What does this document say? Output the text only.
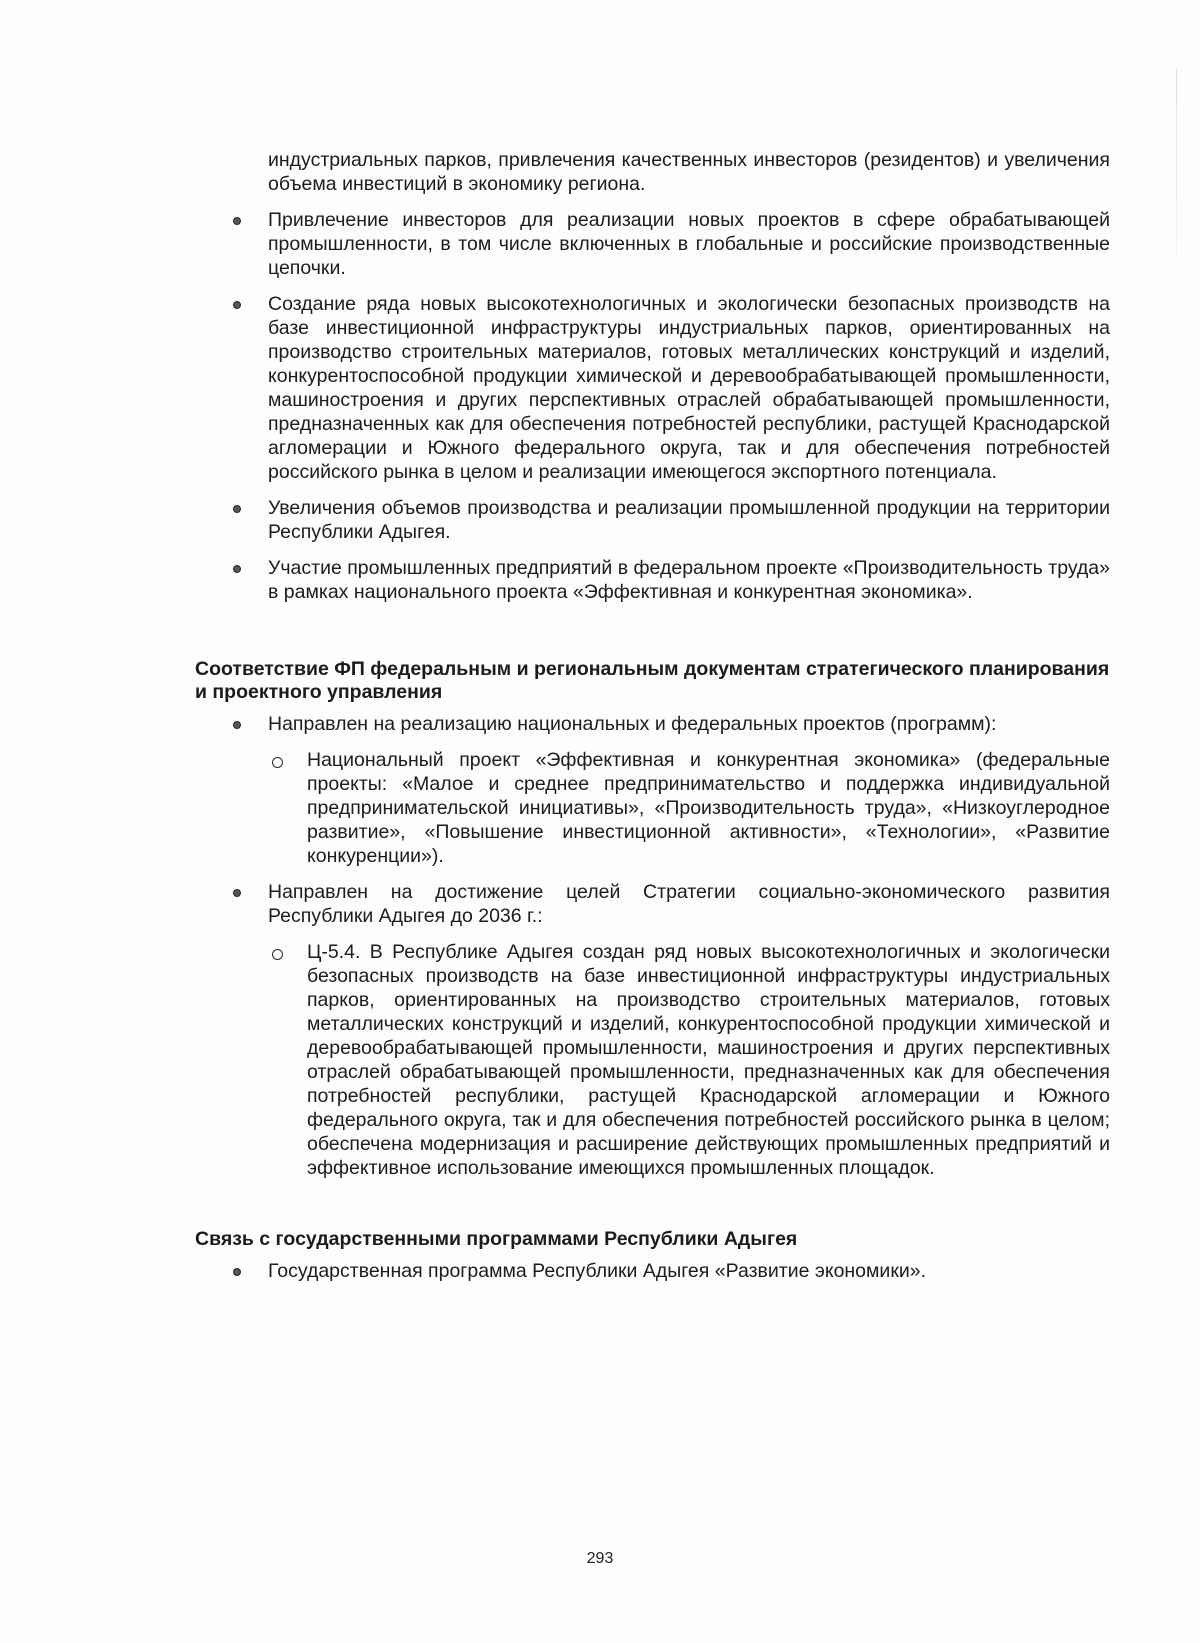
индустриальных парков, привлечения качественных инвесторов (резидентов) и увеличения объема инвестиций в экономику региона.
Привлечение инвесторов для реализации новых проектов в сфере обрабатывающей промышленности, в том числе включенных в глобальные и российские производственные цепочки.
Создание ряда новых высокотехнологичных и экологически безопасных производств на базе инвестиционной инфраструктуры индустриальных парков, ориентированных на производство строительных материалов, готовых металлических конструкций и изделий, конкурентоспособной продукции химической и деревообрабатывающей промышленности, машиностроения и других перспективных отраслей обрабатывающей промышленности, предназначенных как для обеспечения потребностей республики, растущей Краснодарской агломерации и Южного федерального округа, так и для обеспечения потребностей российского рынка в целом и реализации имеющегося экспортного потенциала.
Увеличения объемов производства и реализации промышленной продукции на территории Республики Адыгея.
Участие промышленных предприятий в федеральном проекте «Производительность труда» в рамках национального проекта «Эффективная и конкурентная экономика».
Соответствие ФП федеральным и региональным документам стратегического планирования и проектного управления
Направлен на реализацию национальных и федеральных проектов (программ):
Национальный проект «Эффективная и конкурентная экономика» (федеральные проекты: «Малое и среднее предпринимательство и поддержка индивидуальной предпринимательской инициативы», «Производительность труда», «Низкоуглеродное развитие», «Повышение инвестиционной активности», «Технологии», «Развитие конкуренции»).
Направлен на достижение целей Стратегии социально-экономического развития Республики Адыгея до 2036 г.:
Ц-5.4. В Республике Адыгея создан ряд новых высокотехнологичных и экологически безопасных производств на базе инвестиционной инфраструктуры индустриальных парков, ориентированных на производство строительных материалов, готовых металлических конструкций и изделий, конкурентоспособной продукции химической и деревообрабатывающей промышленности, машиностроения и других перспективных отраслей обрабатывающей промышленности, предназначенных как для обеспечения потребностей республики, растущей Краснодарской агломерации и Южного федерального округа, так и для обеспечения потребностей российского рынка в целом; обеспечена модернизация и расширение действующих промышленных предприятий и эффективное использование имеющихся промышленных площадок.
Связь с государственными программами Республики Адыгея
Государственная программа Республики Адыгея «Развитие экономики».
293
